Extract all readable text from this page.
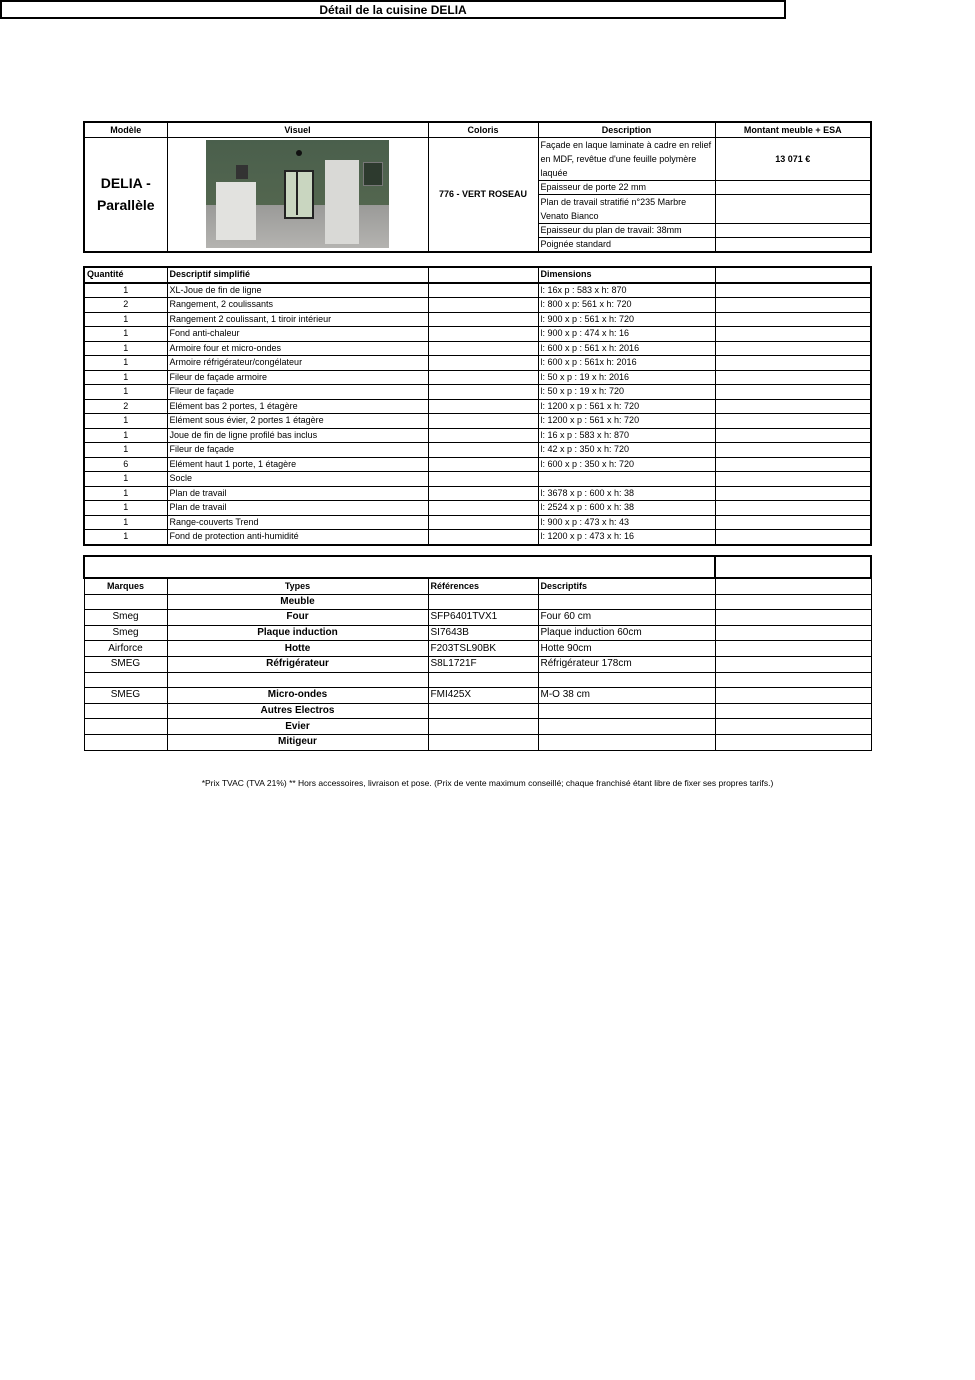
Détail de la cuisine DELIA
Modèle	Visuel	Coloris	Description	Montant meuble + ESA
DELIA - Parallèle		776 - VERT ROSEAU	Façade en laque laminate à cadre en relief en MDF, revêtue d'une feuille polymère laquée	13 071 €
			Epaisseur de porte 22 mm	
			Plan de travail stratifié n°235 Marbre Venato Bianco	
			Epaisseur du plan de travail: 38mm	
			Poignée standard	
Quantité	Descriptif simplifié		Dimensions	
1	XL-Joue de fin de ligne		l: 16x p : 583 x h: 870	
2	Rangement, 2 coulissants		l: 800 x p: 561 x h: 720	
1	Rangement 2 coulissant, 1 tiroir intérieur		l: 900 x p : 561 x h: 720	
1	Fond anti-chaleur		l: 900 x p : 474 x h: 16	
1	Armoire four et micro-ondes		l: 600 x p : 561 x h: 2016	
1	Armoire réfrigérateur/congélateur		l: 600 x p : 561x h: 2016	
1	Fileur de façade armoire		l: 50 x p : 19 x h: 2016	
1	Fileur de façade		l: 50 x p : 19 x h: 720	
2	Elément bas 2 portes, 1 étagère		l: 1200 x p : 561 x h: 720	
1	Elément sous évier, 2 portes 1 étagère		l: 1200 x p : 561 x h: 720	
1	Joue de fin de ligne profilé bas inclus		l: 16 x p : 583 x h: 870	
1	Fileur de façade		l: 42 x p : 350 x h: 720	
6	Elément haut 1 porte, 1 étagère		l: 600 x p : 350 x h: 720	
1	Socle			
1	Plan de travail		l: 3678 x p : 600 x h: 38	
1	Plan de travail		l: 2524 x p : 600 x h: 38	
1	Range-couverts Trend		l: 900 x p : 473 x h: 43	
1	Fond de protection anti-humidité		l: 1200 x p : 473 x h: 16	

Marques	Types	Références	Descriptifs	
	Meuble			
Smeg	Four	SFP6401TVX1	Four 60 cm	
Smeg	Plaque induction	SI7643B	Plaque induction 60cm	
Airforce	Hotte	F203TSL90BK	Hotte 90cm	
SMEG	Réfrigérateur	S8L1721F	Réfrigérateur 178cm	

SMEG	Micro-ondes	FMI425X	M-O 38 cm	
	Autres Electros			
	Evier			
	Mitigeur			
*Prix TVAC (TVA 21%) ** Hors accessoires, livraison et pose. (Prix de vente maximum conseillé; chaque franchisé étant libre de fixer ses propres tarifs.)
